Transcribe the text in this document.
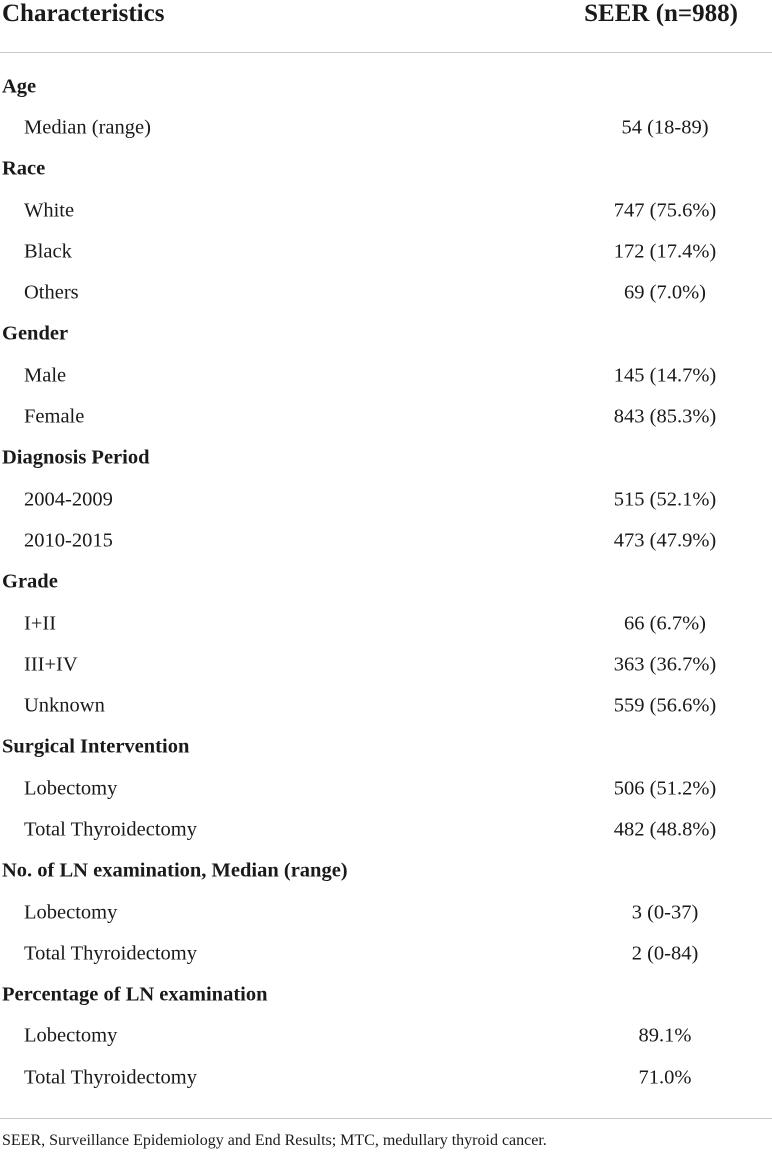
Characteristics	SEER (n=988)
Age
Median (range)	54 (18-89)
Race
White	747 (75.6%)
Black	172 (17.4%)
Others	69 (7.0%)
Gender
Male	145 (14.7%)
Female	843 (85.3%)
Diagnosis Period
2004-2009	515 (52.1%)
2010-2015	473 (47.9%)
Grade
I+II	66 (6.7%)
III+IV	363 (36.7%)
Unknown	559 (56.6%)
Surgical Intervention
Lobectomy	506 (51.2%)
Total Thyroidectomy	482 (48.8%)
No. of LN examination, Median (range)
Lobectomy	3 (0-37)
Total Thyroidectomy	2 (0-84)
Percentage of LN examination
Lobectomy	89.1%
Total Thyroidectomy	71.0%
SEER, Surveillance Epidemiology and End Results; MTC, medullary thyroid cancer.
